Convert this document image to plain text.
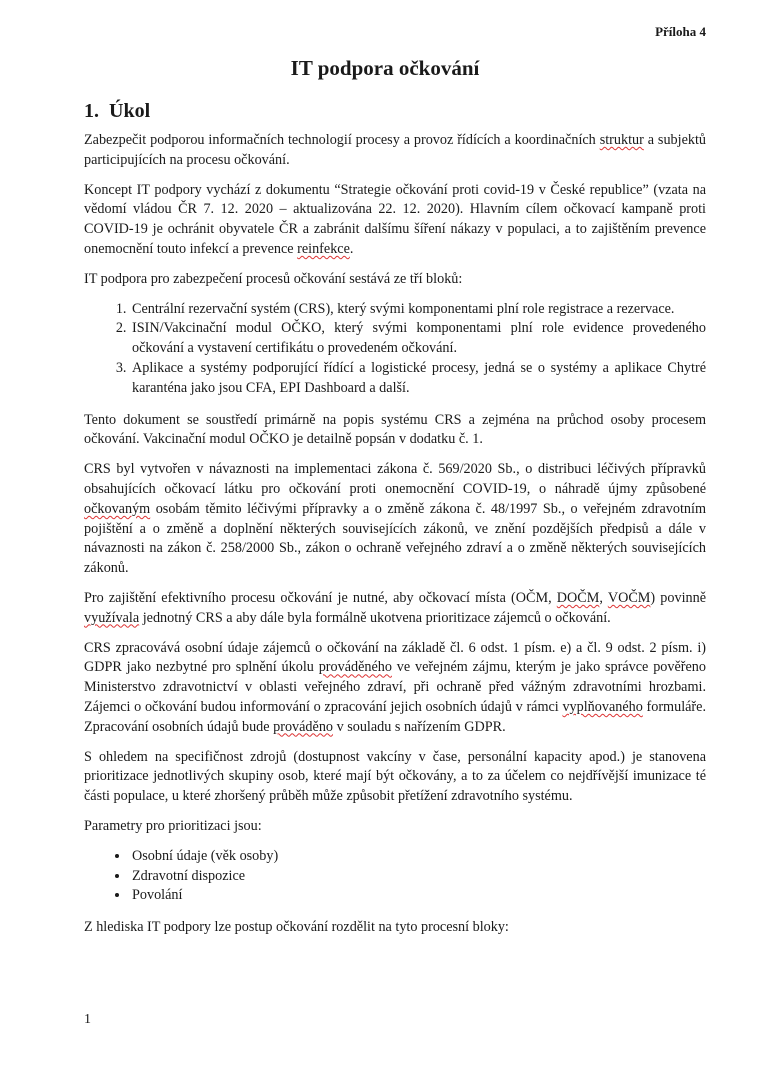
Příloha 4
IT podpora očkování
1. Úkol

Zabezpečit podporou informačních technologií procesy a provoz řídících a koordinačních struktur a subjektů participujících na procesu očkování.

Koncept IT podpory vychází z dokumentu “Strategie očkování proti covid-19 v České republice” (vzata na vědomí vládou ČR 7. 12. 2020 – aktualizována 22. 12. 2020). Hlavním cílem očkovací kampaně proti COVID-19 je ochránit obyvatele ČR a zabránit dalšímu šíření nákazy v populaci, a to zajištěním prevence onemocnění touto infekcí a prevence reinfekce.

IT podpora pro zabezpečení procesů očkování sestává ze tří bloků:

1. Centrální rezervační systém (CRS), který svými komponentami plní role registrace a rezervace.
2. ISIN/Vakcinační modul OČKO, který svými komponentami plní role evidence provedeného očkování a vystavení certifikátu o provedeném očkování.
3. Aplikace a systémy podporující řídící a logistické procesy, jedná se o systémy a aplikace Chytré karanténa jako jsou CFA, EPI Dashboard a další.

Tento dokument se soustředí primárně na popis systému CRS a zejména na průchod osoby procesem očkování. Vakcinační modul OČKO je detailně popsán v dodatku č. 1.

CRS byl vytvořen v návaznosti na implementaci zákona č. 569/2020 Sb., o distribuci léčivých přípravků obsahujících očkovací látku pro očkování proti onemocnění COVID-19, o náhradě újmy způsobené očkovaným osobám těmito léčivými přípravky a o změně zákona č. 48/1997 Sb., o veřejném zdravotním pojištění a o změně a doplnění některých souvisejících zákonů, ve znění pozdějších předpisů a dále v návaznosti na zákon č. 258/2000 Sb., zákon o ochraně veřejného zdraví a o změně některých souvisejících zákonů.

Pro zajištění efektivního procesu očkování je nutné, aby očkovací místa (OČM, DOČM, VOČM) povinně využívala jednotný CRS a aby dále byla formálně ukotvena prioritizace zájemců o očkování.

CRS zpracovává osobní údaje zájemců o očkování na základě čl. 6 odst. 1 písm. e) a čl. 9 odst. 2 písm. i) GDPR jako nezbytné pro splnění úkolu prováděného ve veřejném zájmu, kterým je jako správce pověřeno Ministerstvo zdravotnictví v oblasti veřejného zdraví, při ochraně před vážným zdravotními hrozbami. Zájemci o očkování budou informování o zpracování jejich osobních údajů v rámci vyplňovaného formuláře. Zpracování osobních údajů bude prováděno v souladu s nařízením GDPR.

S ohledem na specifičnost zdrojů (dostupnost vakcíny v čase, personální kapacity apod.) je stanovena prioritizace jednotlivých skupiny osob, které mají být očkovány, a to za účelem co nejdřívější imunizace té části populace, u které zhoršený průběh může způsobit přetížení zdravotního systému.

Parametry pro prioritizaci jsou:

• Osobní údaje (věk osoby)
• Zdravotní dispozice
• Povolání

Z hlediska IT podpory lze postup očkování rozdělit na tyto procesní bloky:

1
